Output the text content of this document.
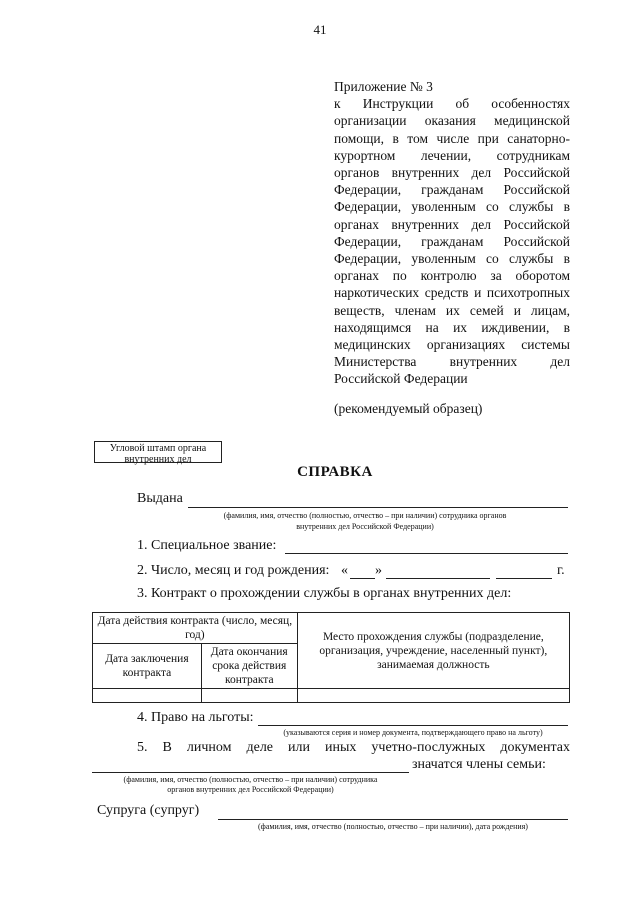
41
Приложение № 3
к Инструкции об особенностях организации оказания медицинской помощи, в том числе при санаторно-курортном лечении, сотрудникам органов внутренних дел Российской Федерации, гражданам Российской Федерации, уволенным со службы в органах внутренних дел Российской Федерации, гражданам Российской Федерации, уволенным со службы в органах по контролю за оборотом наркотических средств и психотропных веществ, членам их семей и лицам, находящимся на их иждивении, в медицинских организациях системы Министерства внутренних дел Российской Федерации
(рекомендуемый образец)
Угловой штамп органа внутренних дел
СПРАВКА
Выдана
(фамилия, имя, отчество (полностью, отчество – при наличии) сотрудника органов
внутренних дел Российской Федерации)
1. Специальное звание:
2. Число, месяц и год рождения: « »	г.
3. Контракт о прохождении службы в органах внутренних дел:
Дата действия контракта (число, месяц, год)		Место прохождения службы (подразделение, организация, учреждение, населенный пункт), занимаемая должность
Дата заключения контракта	Дата окончания срока действия контракта	

4. Право на льготы:
(указываются серия и номер документа, подтверждающего право на льготу)
5. В личном деле или иных учетно-послужных документах
значатся члены семьи:
(фамилия, имя, отчество (полностью, отчество – при наличии) сотрудника
органов внутренних дел Российской Федерации)
Супруга (супруг)
(фамилия, имя, отчество (полностью, отчество – при наличии), дата рождения)
